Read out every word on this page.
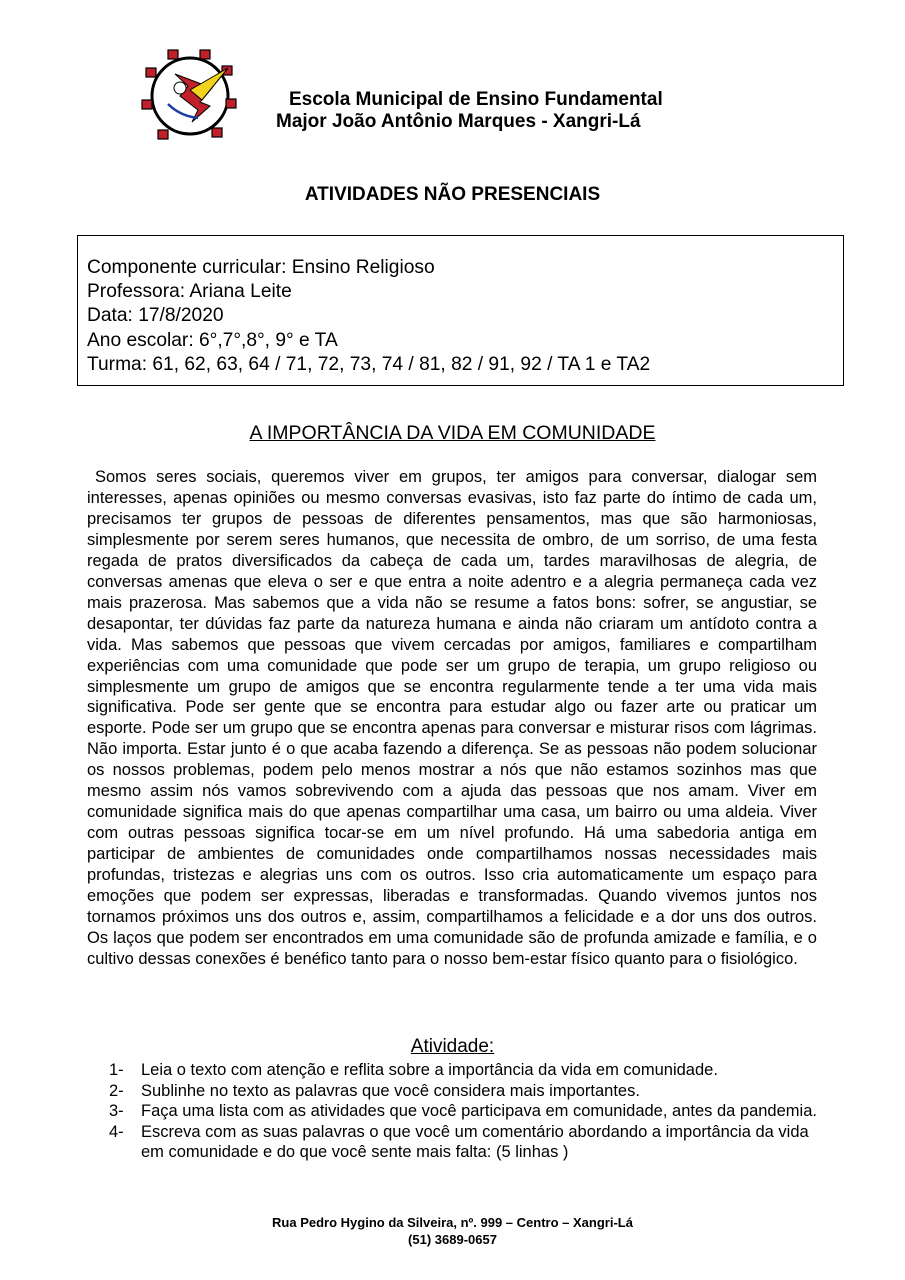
Escola Municipal de Ensino Fundamental
Major João Antônio Marques - Xangri-Lá
ATIVIDADES NÃO PRESENCIAIS
Componente curricular: Ensino Religioso
Professora: Ariana Leite
Data: 17/8/2020
Ano escolar: 6°,7°,8°, 9° e TA
Turma: 61, 62, 63, 64 / 71, 72, 73, 74 / 81, 82 / 91, 92 / TA 1 e TA2
A IMPORTÂNCIA DA VIDA EM COMUNIDADE
Somos seres sociais, queremos viver em grupos, ter amigos para conversar, dialogar sem interesses, apenas opiniões ou mesmo conversas evasivas, isto faz parte do íntimo de cada um, precisamos ter grupos de pessoas de diferentes pensamentos, mas que são harmoniosas, simplesmente por serem seres humanos, que necessita de ombro, de um sorriso, de uma festa regada de pratos diversificados da cabeça de cada um, tardes maravilhosas de alegria, de conversas amenas que eleva o ser e que entra a noite adentro e a alegria permaneça cada vez mais prazerosa. Mas sabemos que a vida não se resume a fatos bons: sofrer, se angustiar, se desapontar, ter dúvidas faz parte da natureza humana e ainda não criaram um antídoto contra a vida. Mas sabemos que pessoas que vivem cercadas por amigos, familiares e compartilham experiências com uma comunidade que pode ser um grupo de terapia, um grupo religioso ou simplesmente um grupo de amigos que se encontra regularmente tende a ter uma vida mais significativa. Pode ser gente que se encontra para estudar algo ou fazer arte ou praticar um esporte. Pode ser um grupo que se encontra apenas para conversar e misturar risos com lágrimas. Não importa. Estar junto é o que acaba fazendo a diferença. Se as pessoas não podem solucionar os nossos problemas, podem pelo menos mostrar a nós que não estamos sozinhos mas que mesmo assim nós vamos sobrevivendo com a ajuda das pessoas que nos amam. Viver em comunidade significa mais do que apenas compartilhar uma casa, um bairro ou uma aldeia. Viver com outras pessoas significa tocar-se em um nível profundo. Há uma sabedoria antiga em participar de ambientes de comunidades onde compartilhamos nossas necessidades mais profundas, tristezas e alegrias uns com os outros. Isso cria automaticamente um espaço para emoções que podem ser expressas, liberadas e transformadas. Quando vivemos juntos nos tornamos próximos uns dos outros e, assim, compartilhamos a felicidade e a dor uns dos outros. Os laços que podem ser encontrados em uma comunidade são de profunda amizade e família, e o cultivo dessas conexões é benéfico tanto para o nosso bem-estar físico quanto para o fisiológico.
Atividade:
1- Leia o texto com atenção e reflita sobre a importância da vida em comunidade.
2- Sublinhe no texto as palavras que você considera mais importantes.
3- Faça uma lista com as atividades que você participava em comunidade, antes da pandemia.
4- Escreva com as suas palavras o que você um comentário abordando a importância da vida em comunidade e do que você sente mais falta: (5 linhas )
Rua Pedro Hygino da Silveira, nº. 999 – Centro – Xangri-Lá
(51) 3689-0657
